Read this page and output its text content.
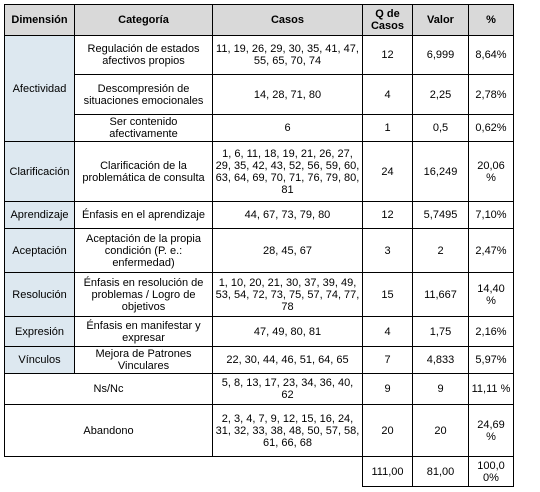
Dimensión	Categoría	Casos	Q de Casos	Valor	%
Afectividad	Regulación de estados afectivos propios	11, 19, 26, 29, 30, 35, 41, 47, 55, 65, 70, 74	12	6,999	8,64%
	Descompresión de situaciones emocionales	14, 28, 71, 80	4	2,25	2,78%
	Ser contenido afectivamente	6	1	0,5	0,62%
Clarificación	Clarificación de la problemática de consulta	1, 6, 11, 18, 19, 21, 26, 27, 29, 35, 42, 43, 52, 56, 59, 60, 63, 64, 69, 70, 71, 76, 79, 80, 81	24	16,249	20,06 %
Aprendizaje	Énfasis en el aprendizaje	44, 67, 73, 79, 80	12	5,7495	7,10%
Aceptación	Aceptación de la propia condición (P. e.: enfermedad)	28, 45, 67	3	2	2,47%
Resolución	Énfasis en resolución de problemas / Logro de objetivos	1, 10, 20, 21, 30, 37, 39, 49, 53, 54, 72, 73, 75, 57, 74, 77, 78	15	11,667	14,40 %
Expresión	Énfasis en manifestar y expresar	47, 49, 80, 81	4	1,75	2,16%
Vínculos	Mejora de Patrones Vinculares	22, 30, 44, 46, 51, 64, 65	7	4,833	5,97%
Ns/Nc		5, 8, 13, 17, 23, 34, 36, 40, 62	9	9	11,11 %
Abandono		2, 3, 4, 7, 9, 12, 15, 16, 24, 31, 32, 33, 38, 48, 50, 57, 58, 61, 66, 68	20	20	24,69 %
			111,00	81,00	100,0 0%
